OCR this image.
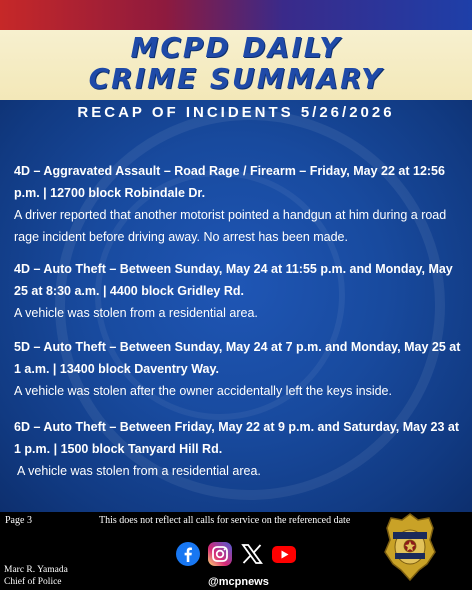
MCPD DAILY
CRIME SUMMARY
RECAP OF INCIDENTS 5/26/2026
4D – Aggravated Assault – Road Rage / Firearm – Friday, May 22 at 12:56 p.m. | 12700 block Robindale Dr.
A driver reported that another motorist pointed a handgun at him during a road rage incident before driving away. No arrest has been made.
4D – Auto Theft – Between Sunday, May 24 at 11:55 p.m. and Monday, May 25 at 8:30 a.m. | 4400 block Gridley Rd.
A vehicle was stolen from a residential area.
5D – Auto Theft – Between Sunday, May 24 at 7 p.m. and Monday, May 25 at 1 a.m. | 13400 block Daventry Way.
A vehicle was stolen after the owner accidentally left the keys inside.
6D – Auto Theft – Between Friday, May 22 at 9 p.m. and Saturday, May 23 at 1 p.m. | 1500 block Tanyard Hill Rd.
A vehicle was stolen from a residential area.
Page 3	This does not reflect all calls for service on the referenced date
@mcpnews
Marc R. Yamada
Chief of Police
